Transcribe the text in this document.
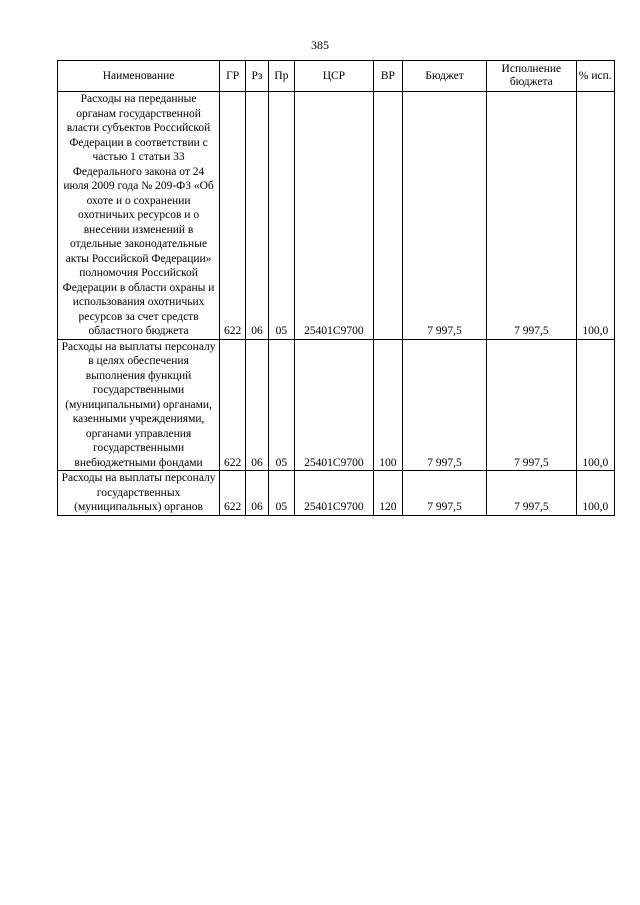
385
Наименование	ГР	Рз	Пр	ЦСР	ВР	Бюджет	Исполнение бюджета	% исп.
Расходы на переданные органам государственной власти субъектов Российской Федерации в соответствии с частью 1 статьи 33 Федерального закона от 24 июля 2009 года № 209-ФЗ «Об охоте и о сохранении охотничьих ресурсов и о внесении изменений в отдельные законодательные акты Российской Федерации» полномочия Российской Федерации в области охраны и использования охотничьих ресурсов за счет средств областного бюджета	622	06	05	25401С9700		7 997,5	7 997,5	100,0
Расходы на выплаты персоналу в целях обеспечения выполнения функций государственными (муниципальными) органами, казенными учреждениями, органами управления государственными внебюджетными фондами	622	06	05	25401С9700	100	7 997,5	7 997,5	100,0
Расходы на выплаты персоналу государственных (муниципальных) органов	622	06	05	25401С9700	120	7 997,5	7 997,5	100,0
